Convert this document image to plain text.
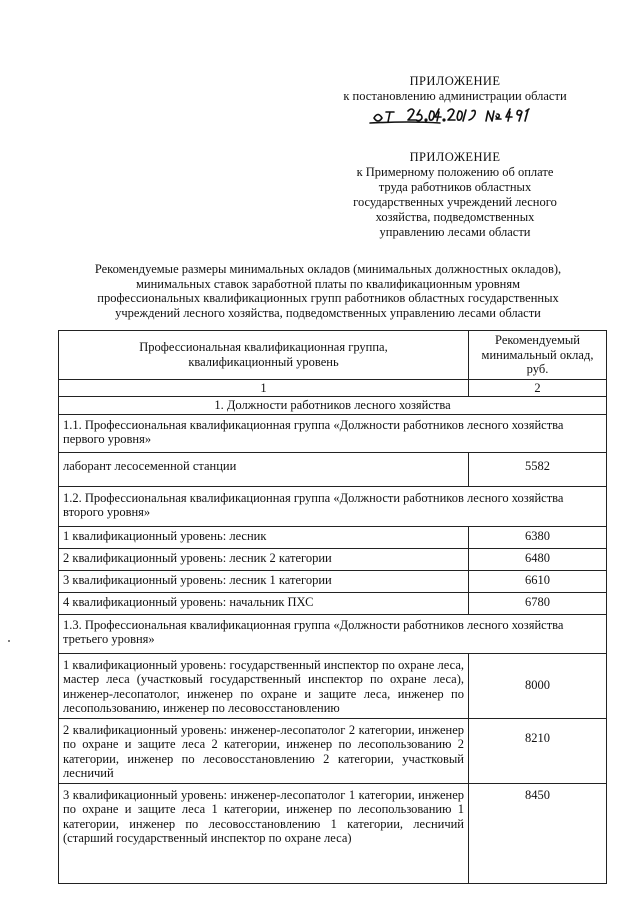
ПРИЛОЖЕНИЕ
к постановлению администрации области
ПРИЛОЖЕНИЕ
к Примерному положению об оплате
труда работников областных
государственных учреждений лесного
хозяйства, подведомственных
управлению лесами области
Рекомендуемые размеры минимальных окладов (минимальных должностных окладов),
минимальных ставок заработной платы по квалификационным уровням
профессиональных квалификационных групп работников областных государственных
учреждений лесного хозяйства, подведомственных управлению лесами области
Профессиональная квалификационная группа, квалификационный уровень	Рекомендуемый минимальный оклад, руб.
1	2
1. Должности работников лесного хозяйства	
1.1. Профессиональная квалификационная группа «Должности работников лесного хозяйства первого уровня»	
лаборант лесосеменной станции	5582
1.2. Профессиональная квалификационная группа «Должности работников лесного хозяйства второго уровня»	
1 квалификационный уровень: лесник	6380
2 квалификационный уровень: лесник 2 категории	6480
3 квалификационный уровень: лесник 1 категории	6610
4 квалификационный уровень: начальник ПХС	6780
1.3. Профессиональная квалификационная группа «Должности работников лесного хозяйства третьего уровня»	
1 квалификационный уровень: государственный инспектор по охране леса, мастер леса (участковый государственный инспектор по охране леса), инженер-лесопатолог, инженер по охране и защите леса, инженер по лесопользованию, инженер по лесовосстановлению	8000
2 квалификационный уровень: инженер-лесопатолог 2 категории, инженер по охране и защите леса 2 категории, инженер по лесопользованию 2 категории, инженер по лесовосстановлению 2 категории, участковый лесничий	8210
3 квалификационный уровень: инженер-лесопатолог 1 категории, инженер по охране и защите леса 1 категории, инженер по лесопользованию 1 категории, инженер по лесовосстановлению 1 категории, лесничий (старший государственный инспектор по охране леса)	8450
